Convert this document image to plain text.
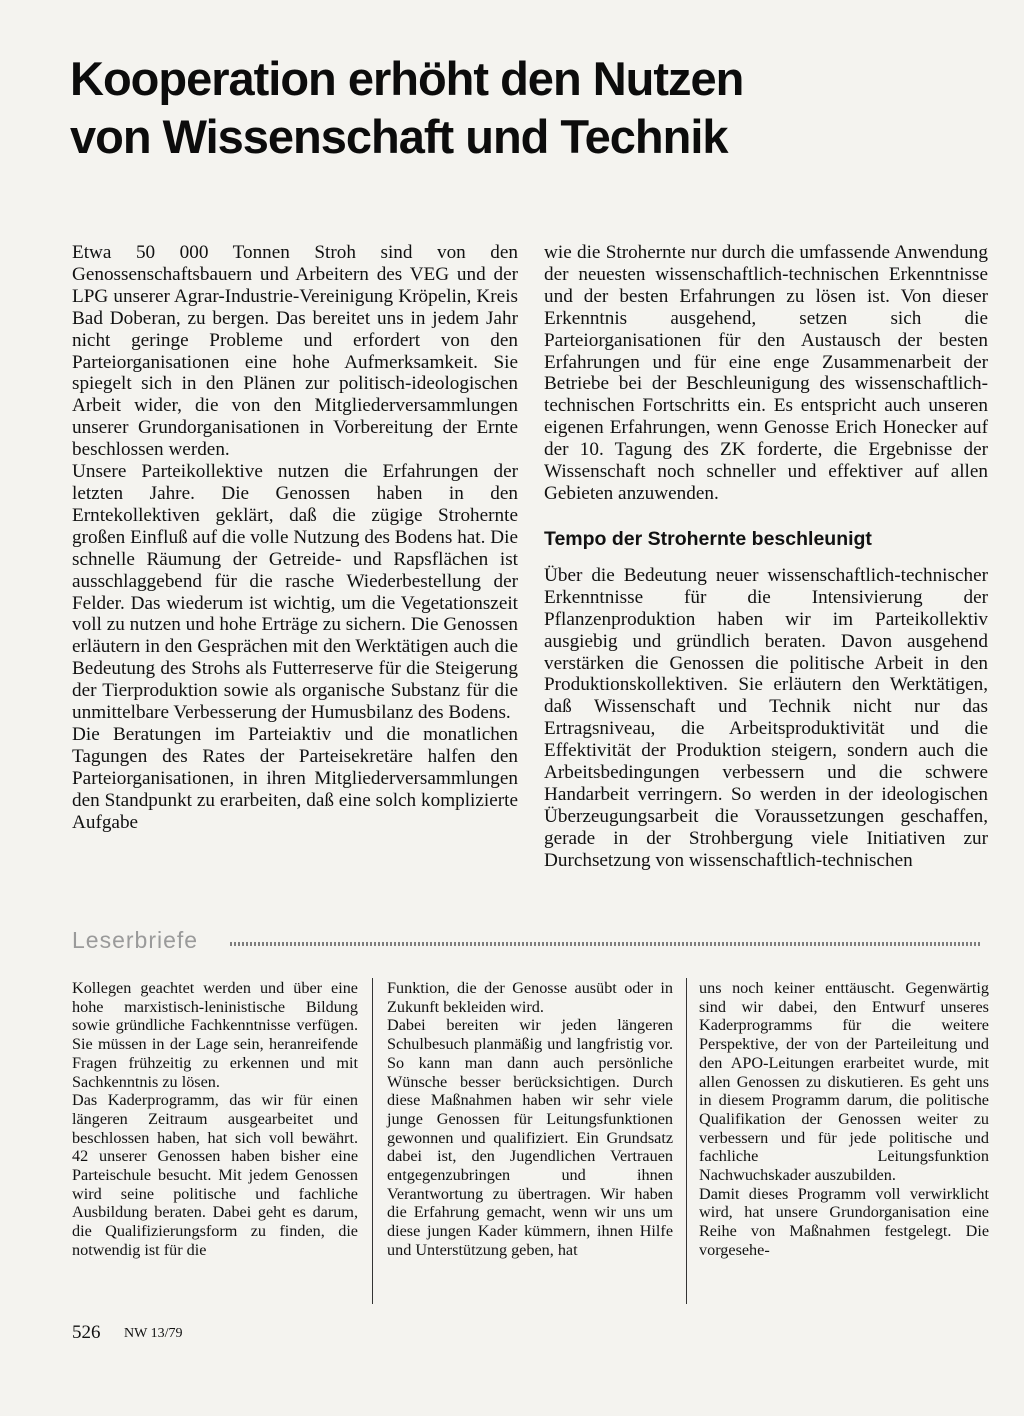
Kooperation erhöht den Nutzen
von Wissenschaft und Technik

Etwa 50 000 Tonnen Stroh sind von den Genossenschaftsbauern und Arbeitern des VEG und der LPG unserer Agrar-Industrie-Vereinigung Kröpelin, Kreis Bad Doberan, zu bergen. Das bereitet uns in jedem Jahr nicht geringe Probleme und erfordert von den Parteiorganisationen eine hohe Aufmerksamkeit. Sie spiegelt sich in den Plänen zur politisch-ideologischen Arbeit wider, die von den Mitgliederversammlungen unserer Grundorganisationen in Vorbereitung der Ernte beschlossen werden.

Unsere Parteikollektive nutzen die Erfahrungen der letzten Jahre. Die Genossen haben in den Erntekollektiven geklärt, daß die zügige Strohernte großen Einfluß auf die volle Nutzung des Bodens hat. Die schnelle Räumung der Getreide- und Rapsflächen ist ausschlaggebend für die rasche Wiederbestellung der Felder. Das wiederum ist wichtig, um die Vegetationszeit voll zu nutzen und hohe Erträge zu sichern. Die Genossen erläutern in den Gesprächen mit den Werktätigen auch die Bedeutung des Strohs als Futterreserve für die Steigerung der Tierproduktion sowie als organische Substanz für die unmittelbare Verbesserung der Humusbilanz des Bodens.

Die Beratungen im Parteiaktiv und die monatlichen Tagungen des Rates der Parteisekretäre halfen den Parteiorganisationen, in ihren Mitgliederversammlungen den Standpunkt zu erarbeiten, daß eine solch komplizierte Aufgabe

wie die Strohernte nur durch die umfassende Anwendung der neuesten wissenschaftlich-technischen Erkenntnisse und der besten Erfahrungen zu lösen ist. Von dieser Erkenntnis ausgehend, setzen sich die Parteiorganisationen für den Austausch der besten Erfahrungen und für eine enge Zusammenarbeit der Betriebe bei der Beschleunigung des wissenschaftlich-technischen Fortschritts ein. Es entspricht auch unseren eigenen Erfahrungen, wenn Genosse Erich Honecker auf der 10. Tagung des ZK forderte, die Ergebnisse der Wissenschaft noch schneller und effektiver auf allen Gebieten anzuwenden.

Tempo der Strohernte beschleunigt

Über die Bedeutung neuer wissenschaftlich-technischer Erkenntnisse für die Intensivierung der Pflanzenproduktion haben wir im Parteikollektiv ausgiebig und gründlich beraten. Davon ausgehend verstärken die Genossen die politische Arbeit in den Produktionskollektiven. Sie erläutern den Werktätigen, daß Wissenschaft und Technik nicht nur das Ertragsniveau, die Arbeitsproduktivität und die Effektivität der Produktion steigern, sondern auch die Arbeitsbedingungen verbessern und die schwere Handarbeit verringern. So werden in der ideologischen Überzeugungsarbeit die Voraussetzungen geschaffen, gerade in der Strohbergung viele Initiativen zur Durchsetzung von wissenschaftlich-technischen

Leserbriefe

Kollegen geachtet werden und über eine hohe marxistisch-leninistische Bildung sowie gründliche Fachkenntnisse verfügen. Sie müssen in der Lage sein, heranreifende Fragen frühzeitig zu erkennen und mit Sachkenntnis zu lösen.

Das Kaderprogramm, das wir für einen längeren Zeitraum ausgearbeitet und beschlossen haben, hat sich voll bewährt. 42 unserer Genossen haben bisher eine Parteischule besucht. Mit jedem Genossen wird seine politische und fachliche Ausbildung beraten. Dabei geht es darum, die Qualifizierungsform zu finden, die notwendig ist für die

Funktion, die der Genosse ausübt oder in Zukunft bekleiden wird.

Dabei bereiten wir jeden längeren Schulbesuch planmäßig und langfristig vor. So kann man dann auch persönliche Wünsche besser berücksichtigen. Durch diese Maßnahmen haben wir sehr viele junge Genossen für Leitungsfunktionen gewonnen und qualifiziert. Ein Grundsatz dabei ist, den Jugendlichen Vertrauen entgegenzubringen und ihnen Verantwortung zu übertragen. Wir haben die Erfahrung gemacht, wenn wir uns um diese jungen Kader kümmern, ihnen Hilfe und Unterstützung geben, hat

uns noch keiner enttäuscht. Gegenwärtig sind wir dabei, den Entwurf unseres Kaderprogramms für die weitere Perspektive, der von der Parteileitung und den APO-Leitungen erarbeitet wurde, mit allen Genossen zu diskutieren. Es geht uns in diesem Programm darum, die politische Qualifikation der Genossen weiter zu verbessern und für jede politische und fachliche Leitungsfunktion Nachwuchskader auszubilden.

Damit dieses Programm voll verwirklicht wird, hat unsere Grundorganisation eine Reihe von Maßnahmen festgelegt. Die vorgesehe-

526 NW 13/79
